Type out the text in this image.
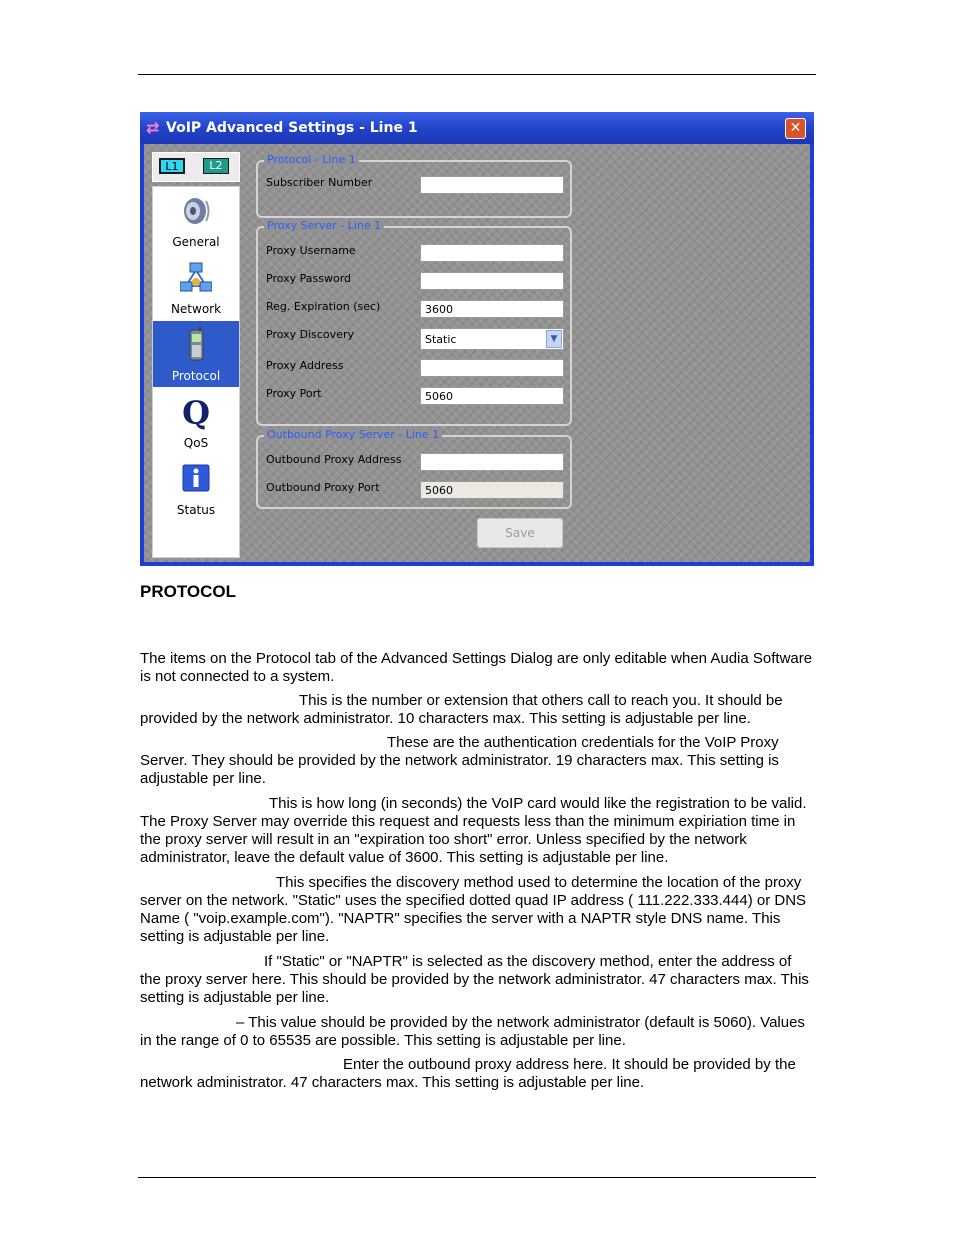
⇄ VoIP Advanced Settings - Line 1	✕
L1	L2
General
Network
Protocol
Q
QoS
Status
Protocol - Line 1
Subscriber Number
Proxy Server - Line 1
Proxy Username
Proxy Password
Reg. Expiration (sec)	3600
Proxy Discovery	Static	▼
Proxy Address
Proxy Port	5060
Outbound Proxy Server - Line 1
Outbound Proxy Address
Outbound Proxy Port	5060
Save
PROTOCOL

The items on the Protocol tab of the Advanced Settings Dialog are only editable when Audia Software is not connected to a system.

This is the number or extension that others call to reach you. It should be provided by the network administrator. 10 characters max. This setting is adjustable per line.

These are the authentication credentials for the VoIP Proxy Server. They should be provided by the network administrator. 19 characters max. This setting is adjustable per line.

This is how long (in seconds) the VoIP card would like the registration to be valid. The Proxy Server may override this request and requests less than the minimum expiriation time in the proxy server will result in an "expiration too short" error. Unless specified by the network administrator, leave the default value of 3600. This setting is adjustable per line.

This specifies the discovery method used to determine the location of the proxy server on the network. "Static" uses the specified dotted quad IP address ( 111.222.333.444) or DNS Name ( "voip.example.com"). "NAPTR" specifies the server with a NAPTR style DNS name. This setting is adjustable per line.

If "Static" or "NAPTR" is selected as the discovery method, enter the address of the proxy server here. This should be provided by the network administrator. 47 characters max. This setting is adjustable per line.

– This value should be provided by the network administrator (default is 5060). Values in the range of 0 to 65535 are possible. This setting is adjustable per line.

Enter the outbound proxy address here. It should be provided by the network administrator. 47 characters max. This setting is adjustable per line.
